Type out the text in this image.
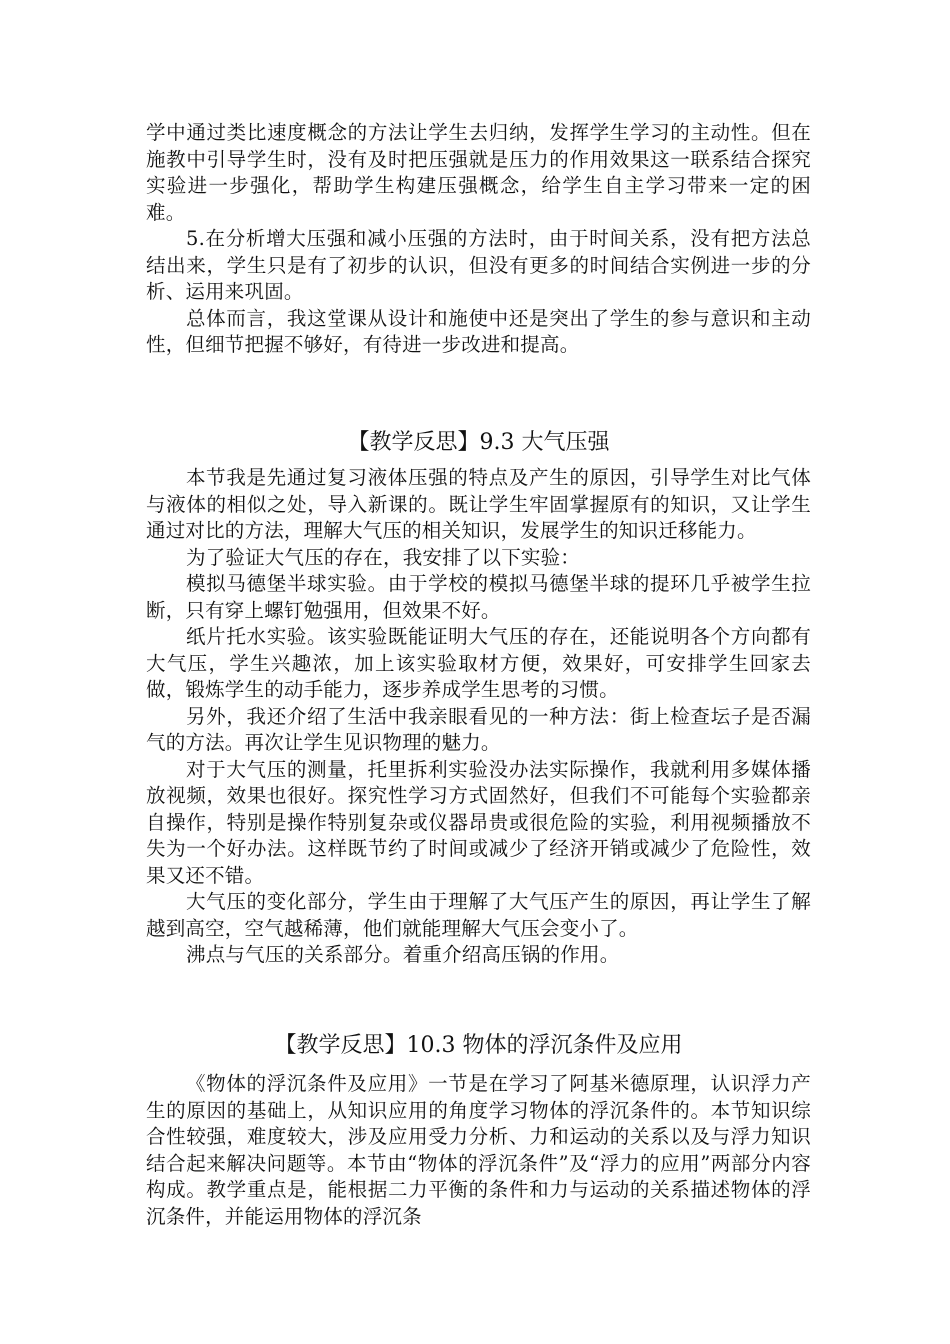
学中通过类比速度概念的方法让学生去归纳，发挥学生学习的主动性。但在施教中引导学生时，没有及时把压强就是压力的作用效果这一联系结合探究实验进一步强化，帮助学生构建压强概念，给学生自主学习带来一定的困难。

5.在分析增大压强和减小压强的方法时，由于时间关系，没有把方法总结出来，学生只是有了初步的认识，但没有更多的时间结合实例进一步的分析、运用来巩固。

总体而言，我这堂课从设计和施使中还是突出了学生的参与意识和主动性，但细节把握不够好，有待进一步改进和提高。

【教学反思】9.3 大气压强

本节我是先通过复习液体压强的特点及产生的原因，引导学生对比气体与液体的相似之处，导入新课的。既让学生牢固掌握原有的知识，又让学生通过对比的方法，理解大气压的相关知识，发展学生的知识迁移能力。

为了验证大气压的存在，我安排了以下实验：

模拟马德堡半球实验。由于学校的模拟马德堡半球的提环几乎被学生拉断，只有穿上螺钉勉强用，但效果不好。

纸片托水实验。该实验既能证明大气压的存在，还能说明各个方向都有大气压，学生兴趣浓，加上该实验取材方便，效果好，可安排学生回家去做，锻炼学生的动手能力，逐步养成学生思考的习惯。

另外，我还介绍了生活中我亲眼看见的一种方法：街上检查坛子是否漏气的方法。再次让学生见识物理的魅力。

对于大气压的测量，托里拆利实验没办法实际操作，我就利用多媒体播放视频，效果也很好。探究性学习方式固然好，但我们不可能每个实验都亲自操作，特别是操作特别复杂或仪器昂贵或很危险的实验，利用视频播放不失为一个好办法。这样既节约了时间或减少了经济开销或减少了危险性，效果又还不错。

大气压的变化部分，学生由于理解了大气压产生的原因，再让学生了解越到高空，空气越稀薄，他们就能理解大气压会变小了。

沸点与气压的关系部分。着重介绍高压锅的作用。

【教学反思】10.3 物体的浮沉条件及应用

《物体的浮沉条件及应用》一节是在学习了阿基米德原理，认识浮力产生的原因的基础上，从知识应用的角度学习物体的浮沉条件的。本节知识综合性较强，难度较大，涉及应用受力分析、力和运动的关系以及与浮力知识结合起来解决问题等。本节由“物体的浮沉条件”及“浮力的应用”两部分内容构成。教学重点是，能根据二力平衡的条件和力与运动的关系描述物体的浮沉条件，并能运用物体的浮沉条
